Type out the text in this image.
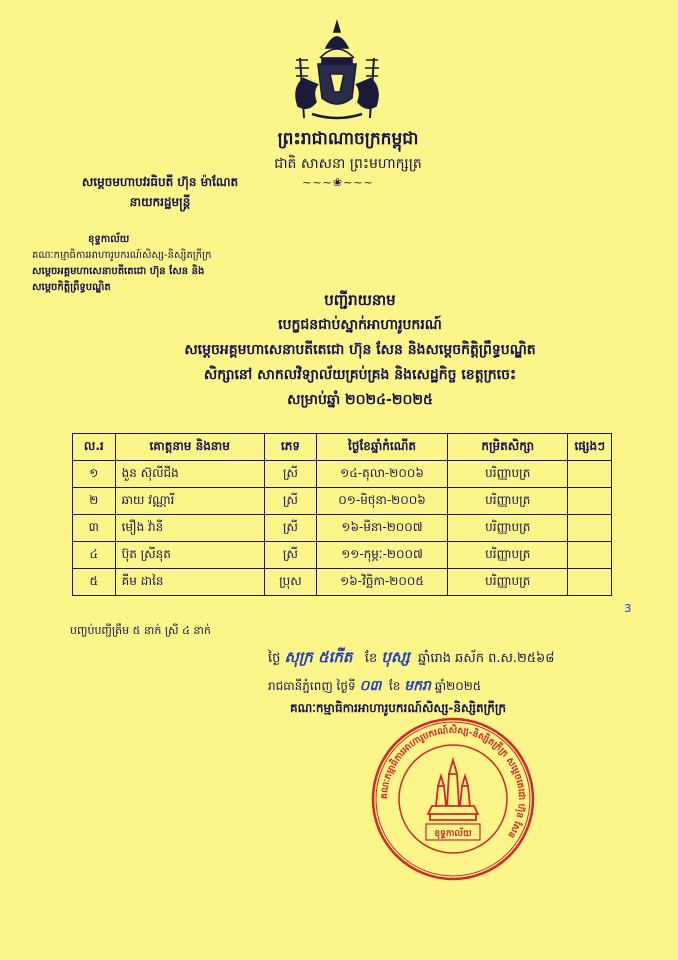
ព្រះរាជាណាចក្រកម្ពុជា
ជាតិ សាសនា ព្រះមហាក្សត្រ
~~~❀~~~
សម្តេចមហាបវរធិបតី ហ៊ុន ម៉ាណែត
នាយករដ្ឋមន្ត្រី
ខុទ្ទកាល័យ
គណៈកម្មាធិការអាហារូបករណ៍សិស្ស-និស្សិតក្រីក្រ
សម្តេចអគ្គមហាសេនាបតីតេជោ ហ៊ុន សែន និង
សម្តេចកិត្តិព្រឹទ្ធបណ្ឌិត
បញ្ជីរាយនាម
បេក្ខជនជាប់ស្នាក់អាហារូបករណ៍
សម្តេចអគ្គមហាសេនាបតីតេជោ ហ៊ុន សែន និងសម្តេចកិត្តិព្រឹទ្ធបណ្ឌិត
សិក្សានៅ សាកលវិទ្យាល័យគ្រប់គ្រង និងសេដ្ឋកិច្ច ខេត្តក្រចេះ
សម្រាប់ឆ្នាំ ២០២៤-២០២៥
ល.រ	គោត្តនាម និងនាម	ភេទ	ថ្ងៃខែឆ្នាំកំណើត	កម្រិតសិក្សា	ផ្សេងៗ
១	ងួន ស៊ុលីជីង	ស្រី	១៤-តុលា-២០០៦	បរិញ្ញាបត្រ	
២	ឆាយ វណ្ណារី	ស្រី	០១-មិថុនា-២០០៦	បរិញ្ញាបត្រ	
៣	មឿង វ៉ានី	ស្រី	១៦-មីនា-២០០៧	បរិញ្ញាបត្រ	
៤	ប៊ុត ស្រីនុត	ស្រី	១១-កុម្ភៈ-២០០៧	បរិញ្ញាបត្រ	
៥	គីម ដានៃ	ប្រុស	១៦-វិច្ឆិកា-២០០៥	បរិញ្ញាបត្រ	
ɜ
បញ្ចប់បញ្ជីត្រឹម ៥ នាក់ ស្រី ៤ នាក់
ថ្ងៃ សុក្រ ៥កើត ខែ បុស្ស ឆ្នាំរោង ឆស័ក ព.ស.២៥៦៨
រាជធានីភ្នំពេញ ថ្ងៃទី ០៣ ខែ មករា ឆ្នាំ២០២៥
គណៈកម្មាធិការអាហារូបករណ៍សិស្ស-និស្សិតក្រីក្រ
គណៈកម្មាធិការអាហារូបករណ៍សិស្ស-និស្សិតក្រីក្រ សម្តេចតេជោ ហ៊ុន សែន
ខុទ្ទកាល័យ
